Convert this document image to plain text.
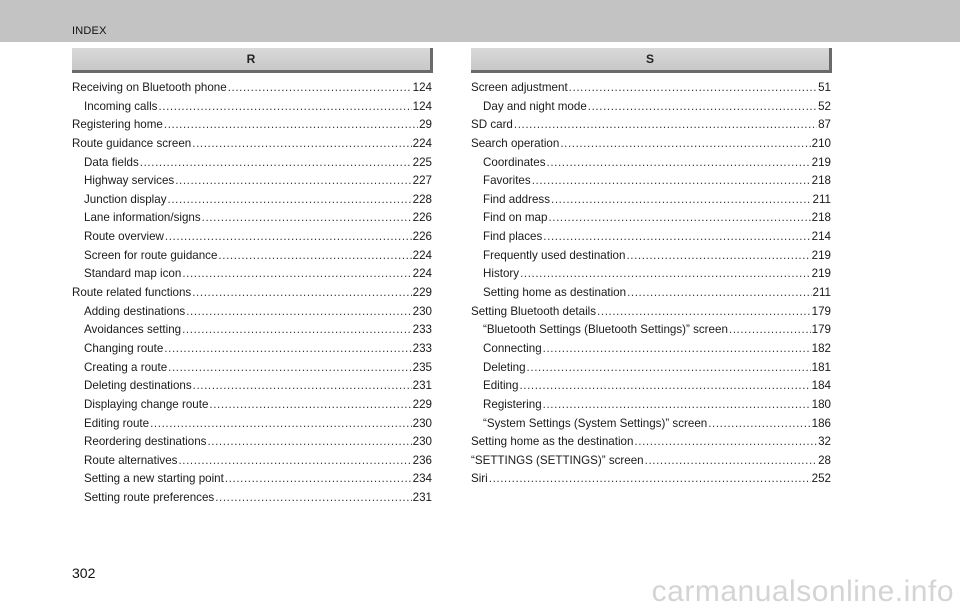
INDEX
R
Receiving on Bluetooth phone .....	124
Incoming calls .....	124
Registering home .....	29
Route guidance screen .....	224
Data fields .....	225
Highway services .....	227
Junction display .....	228
Lane information/signs .....	226
Route overview .....	226
Screen for route guidance .....	224
Standard map icon .....	224
Route related functions .....	229
Adding destinations .....	230
Avoidances setting .....	233
Changing route .....	233
Creating a route .....	235
Deleting destinations .....	231
Displaying change route .....	229
Editing route .....	230
Reordering destinations .....	230
Route alternatives .....	236
Setting a new starting point .....	234
Setting route preferences .....	231
S
Screen adjustment .....	51
Day and night mode .....	52
SD card .....	87
Search operation .....	210
Coordinates .....	219
Favorites .....	218
Find address .....	211
Find on map .....	218
Find places .....	214
Frequently used destination .....	219
History .....	219
Setting home as destination .....	211
Setting Bluetooth details .....	179
“Bluetooth Settings (Bluetooth Settings)” screen .....	179
Connecting .....	182
Deleting .....	181
Editing .....	184
Registering .....	180
“System Settings (System Settings)” screen .....	186
Setting home as the destination .....	32
“SETTINGS (SETTINGS)” screen .....	28
Siri .....	252
302
carmanualsonline.info
